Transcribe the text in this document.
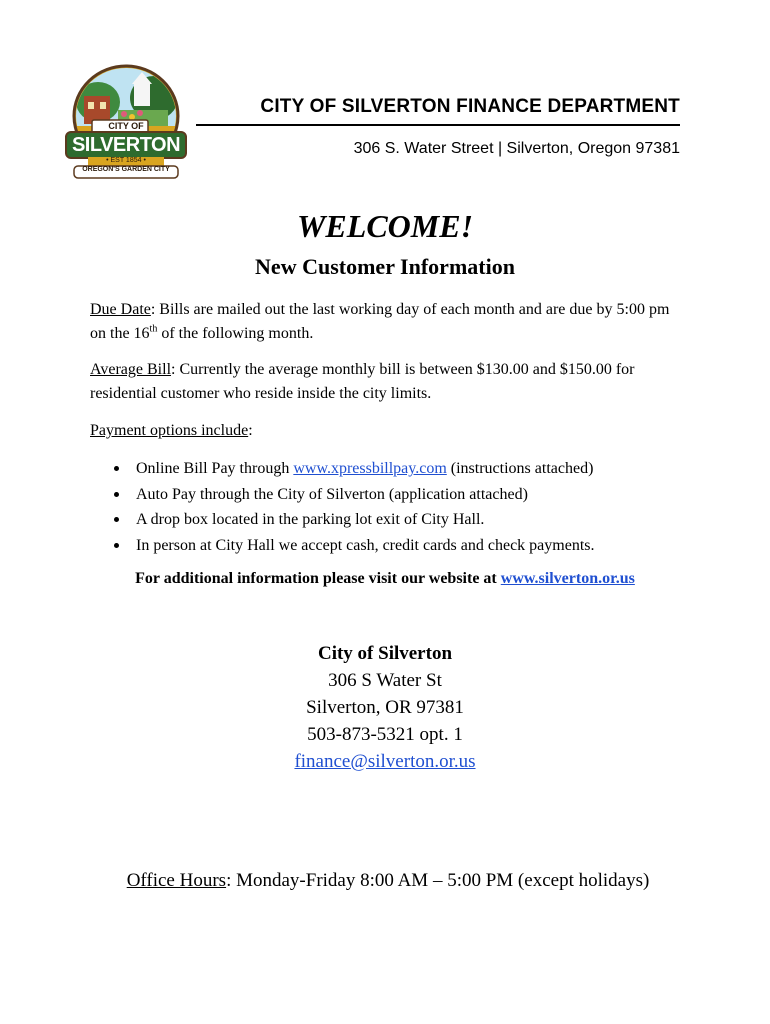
CITY OF
SILVERTON
• EST 1854 •
OREGON'S GARDEN CITY
CITY OF SILVERTON FINANCE DEPARTMENT
306 S. Water Street | Silverton, Oregon 97381
WELCOME!
New Customer Information
Due Date: Bills are mailed out the last working day of each month and are due by 5:00 pm on the 16th of the following month.
Average Bill: Currently the average monthly bill is between $130.00 and $150.00 for residential customer who reside inside the city limits.
Payment options include:
Online Bill Pay through www.xpressbillpay.com (instructions attached)
Auto Pay through the City of Silverton (application attached)
A drop box located in the parking lot exit of City Hall.
In person at City Hall we accept cash, credit cards and check payments.
For additional information please visit our website at www.silverton.or.us
City of Silverton
306 S Water St
Silverton, OR 97381
503-873-5321 opt. 1
finance@silverton.or.us
Office Hours: Monday-Friday 8:00 AM – 5:00 PM (except holidays)
